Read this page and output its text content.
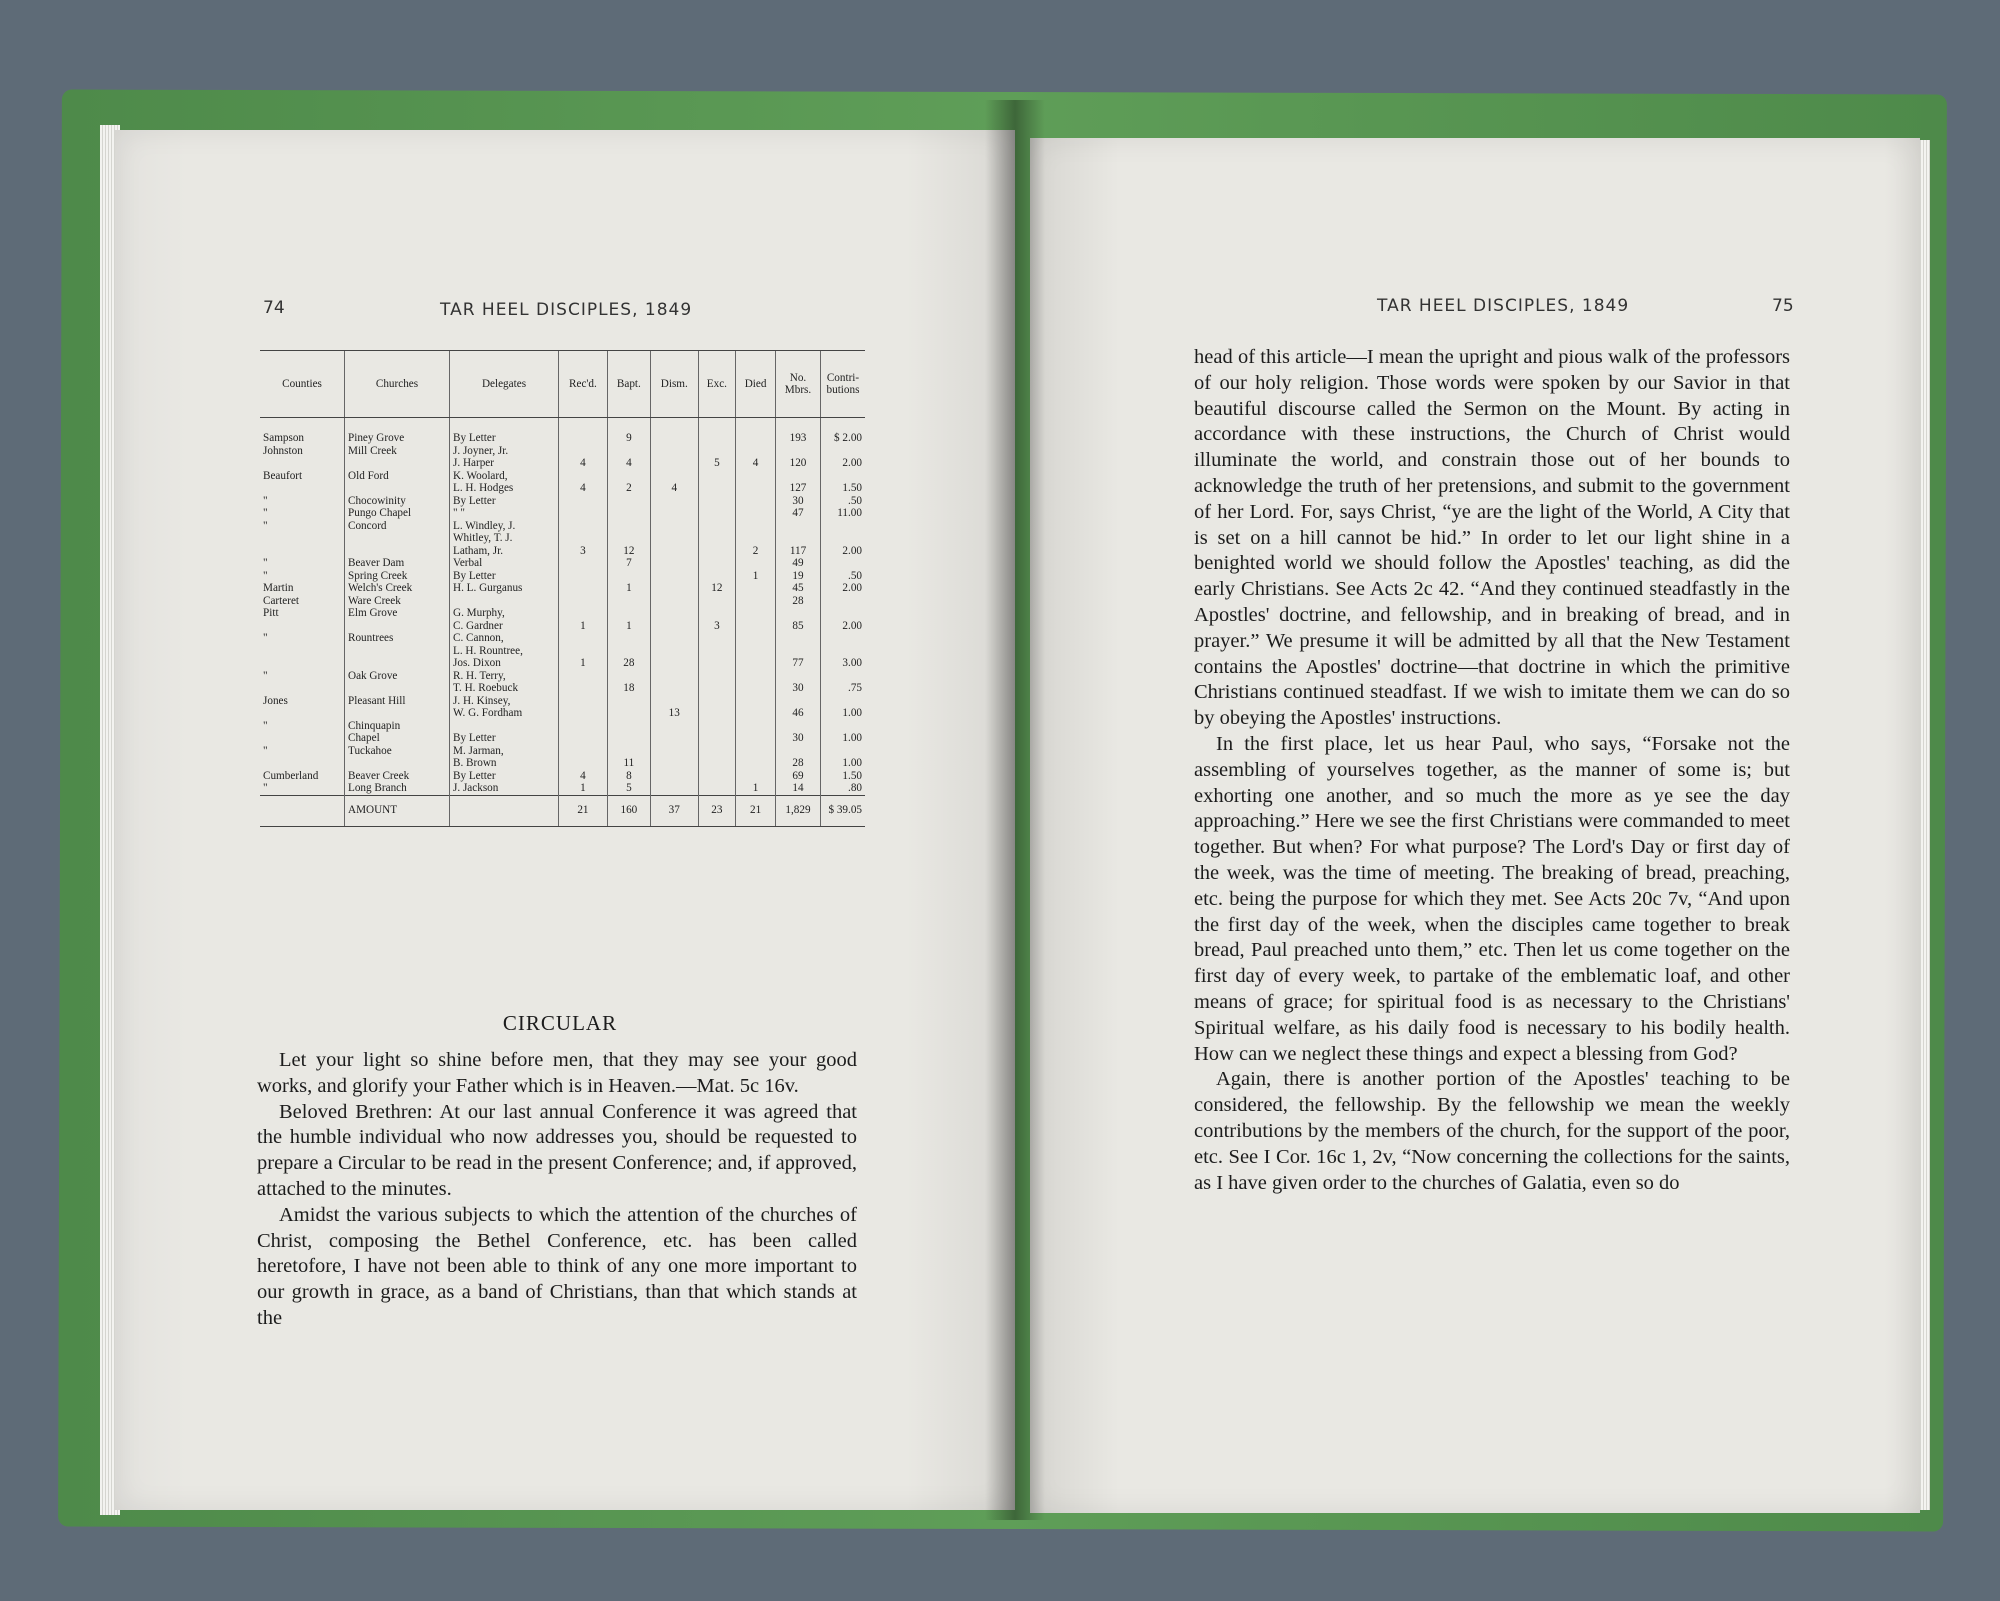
74	TAR HEEL DISCIPLES, 1849
Counties	Churches	Delegates	Rec'd.	Bapt.	Dism.	Exc.	Died	No. Mbrs.	Contri-butions
Sampson	Piney Grove	By Letter		9				193	$ 2.00
Johnston	Mill Creek	J. Joyner, Jr.							
		J. Harper	4	4		5	4	120	2.00
Beaufort	Old Ford	K. Woolard,							
		L. H. Hodges	4	2	4			127	1.50
"	Chocowinity	By Letter						30	.50
"	Pungo Chapel	" "						47	11.00
"	Concord	L. Windley, J.							
		Whitley, T. J.							
		Latham, Jr.	3	12			2	117	2.00
"	Beaver Dam	Verbal		7				49	
"	Spring Creek	By Letter					1	19	.50
Martin	Welch's Creek	H. L. Gurganus		1		12		45	2.00
Carteret	Ware Creek							28	
Pitt	Elm Grove	G. Murphy,							
		C. Gardner	1	1		3		85	2.00
"	Rountrees	C. Cannon,							
		L. H. Rountree,							
		Jos. Dixon	1	28				77	3.00
"	Oak Grove	R. H. Terry,							
		T. H. Roebuck		18				30	.75
Jones	Pleasant Hill	J. H. Kinsey,							
		W. G. Fordham			13			46	1.00
"	Chinquapin								
	Chapel	By Letter						30	1.00
"	Tuckahoe	M. Jarman,							
		B. Brown		11				28	1.00
Cumberland	Beaver Creek	By Letter	4	8				69	1.50
"	Long Branch	J. Jackson	1	5			1	14	.80
	AMOUNT		21	160	37	23	21	1,829	$ 39.05
CIRCULAR

Let your light so shine before men, that they may see your good works, and glorify your Father which is in Heaven.—Mat. 5c 16v.

Beloved Brethren: At our last annual Conference it was agreed that the humble individual who now addresses you, should be requested to prepare a Circular to be read in the present Conference; and, if approved, attached to the minutes.

Amidst the various subjects to which the attention of the churches of Christ, composing the Bethel Conference, etc. has been called heretofore, I have not been able to think of any one more important to our growth in grace, as a band of Christians, than that which stands at the

TAR HEEL DISCIPLES, 1849	75

head of this article—I mean the upright and pious walk of the professors of our holy religion. Those words were spoken by our Savior in that beautiful discourse called the Sermon on the Mount. By acting in accordance with these instructions, the Church of Christ would illuminate the world, and constrain those out of her bounds to acknowledge the truth of her pretensions, and submit to the government of her Lord. For, says Christ, “ye are the light of the World, A City that is set on a hill cannot be hid.” In order to let our light shine in a benighted world we should follow the Apostles' teaching, as did the early Christians. See Acts 2c 42. “And they continued steadfastly in the Apostles' doctrine, and fellowship, and in breaking of bread, and in prayer.” We presume it will be admitted by all that the New Testament contains the Apostles' doctrine—that doctrine in which the primitive Christians continued steadfast. If we wish to imitate them we can do so by obeying the Apostles' instructions.

In the first place, let us hear Paul, who says, “Forsake not the assembling of yourselves together, as the manner of some is; but exhorting one another, and so much the more as ye see the day approaching.” Here we see the first Christians were commanded to meet together. But when? For what purpose? The Lord's Day or first day of the week, was the time of meeting. The breaking of bread, preaching, etc. being the purpose for which they met. See Acts 20c 7v, “And upon the first day of the week, when the disciples came together to break bread, Paul preached unto them,” etc. Then let us come together on the first day of every week, to partake of the emblematic loaf, and other means of grace; for spiritual food is as necessary to the Christians' Spiritual welfare, as his daily food is necessary to his bodily health. How can we neglect these things and expect a blessing from God?

Again, there is another portion of the Apostles' teaching to be considered, the fellowship. By the fellowship we mean the weekly contributions by the members of the church, for the support of the poor, etc. See I Cor. 16c 1, 2v, “Now concerning the collections for the saints, as I have given order to the churches of Galatia, even so do
